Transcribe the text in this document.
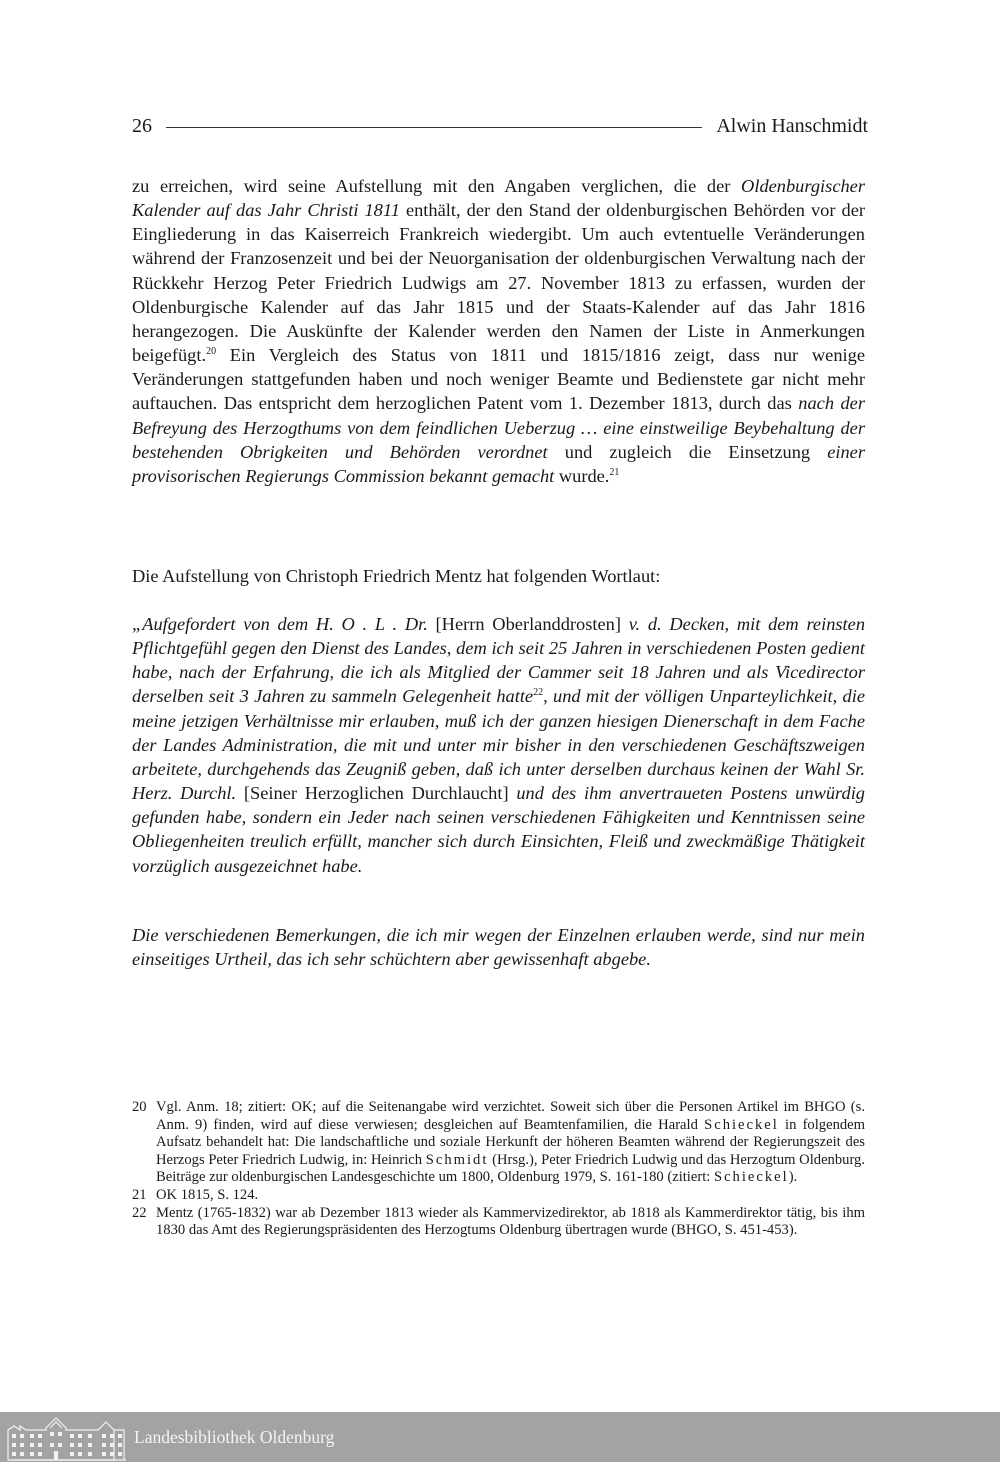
26	Alwin Hanschmidt
zu erreichen, wird seine Aufstellung mit den Angaben verglichen, die der Oldenburgischer Kalender auf das Jahr Christi 1811 enthält, der den Stand der oldenburgischen Behörden vor der Eingliederung in das Kaiserreich Frankreich wiedergibt. Um auch evtentuelle Veränderungen während der Franzosenzeit und bei der Neuorganisation der oldenburgischen Verwaltung nach der Rückkehr Herzog Peter Friedrich Ludwigs am 27. November 1813 zu erfassen, wurden der Oldenburgische Kalender auf das Jahr 1815 und der Staats-Kalender auf das Jahr 1816 herangezogen. Die Auskünfte der Kalender werden den Namen der Liste in Anmerkungen beigefügt.$^{20}$ Ein Vergleich des Status von 1811 und 1815/1816 zeigt, dass nur wenige Veränderungen stattgefunden haben und noch weniger Beamte und Bedienstete gar nicht mehr auftauchen. Das entspricht dem herzoglichen Patent vom 1. Dezember 1813, durch das nach der Befreyung des Herzogthums von dem feindlichen Ueberzug … eine einstweilige Beybehaltung der bestehenden Obrigkeiten und Behörden verordnet und zugleich die Einsetzung einer provisorischen Regierungs Commission bekannt gemacht wurde.$^{21}$
Die Aufstellung von Christoph Friedrich Mentz hat folgenden Wortlaut:
„Aufgefordert von dem H. O . L . Dr. [Herrn Oberlanddrosten] v. d. Decken, mit dem reinsten Pflichtgefühl gegen den Dienst des Landes, dem ich seit 25 Jahren in verschiedenen Posten gedient habe, nach der Erfahrung, die ich als Mitglied der Cammer seit 18 Jahren und als Vicedirector derselben seit 3 Jahren zu sammeln Gelegenheit hatte$^{22}$, und mit der völligen Unparteylichkeit, die meine jetzigen Verhältnisse mir erlauben, muß ich der ganzen hiesigen Dienerschaft in dem Fache der Landes Administration, die mit und unter mir bisher in den verschiedenen Geschäftszweigen arbeitete, durchgehends das Zeugniß geben, daß ich unter derselben durchaus keinen der Wahl Sr. Herz. Durchl. [Seiner Herzoglichen Durchlaucht] und des ihm anvertraueten Postens unwürdig gefunden habe, sondern ein Jeder nach seinen verschiedenen Fähigkeiten und Kenntnissen seine Obliegenheiten treulich erfüllt, mancher sich durch Einsichten, Fleiß und zweckmäßige Thätigkeit vorzüglich ausgezeichnet habe.
Die verschiedenen Bemerkungen, die ich mir wegen der Einzelnen erlauben werde, sind nur mein einseitiges Urtheil, das ich sehr schüchtern aber gewissenhaft abgebe.
20 Vgl. Anm. 18; zitiert: OK; auf die Seitenangabe wird verzichtet. Soweit sich über die Personen Artikel im BHGO (s. Anm. 9) finden, wird auf diese verwiesen; desgleichen auf Beamtenfamilien, die Harald Schieckel in folgendem Aufsatz behandelt hat: Die landschaftliche und soziale Herkunft der höheren Beamten während der Regierungszeit des Herzogs Peter Friedrich Ludwig, in: Heinrich Schmidt (Hrsg.), Peter Friedrich Ludwig und das Herzogtum Oldenburg. Beiträge zur oldenburgischen Landesgeschichte um 1800, Oldenburg 1979, S. 161-180 (zitiert: Schieckel).
21 OK 1815, S. 124.
22 Mentz (1765-1832) war ab Dezember 1813 wieder als Kammervizedirektor, ab 1818 als Kammerdirektor tätig, bis ihm 1830 das Amt des Regierungspräsidenten des Herzogtums Oldenburg übertragen wurde (BHGO, S. 451-453).
Landesbibliothek Oldenburg
